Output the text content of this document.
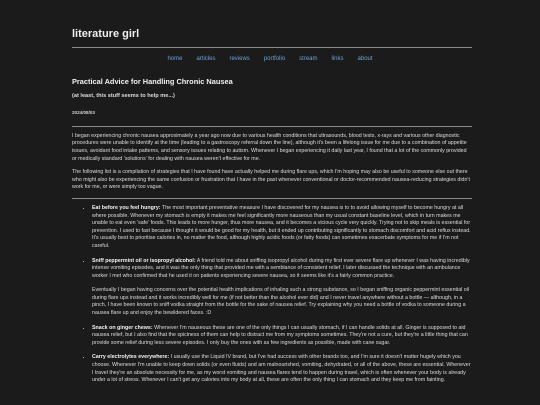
literature girl
home articles reviews portfolio stream links about
Practical Advice for Handling Chronic Nausea
(at least, this stuff seems to help me...)
2024/08/03

I began experiencing chronic nausea approximately a year ago now due to various health conditions that ultrasounds, blood tests, x-rays and various other diagnostic procedures were unable to identify at the time (leading to a gastroscopy referral down the line), although it's been a lifelong issue for me due to a combination of appetite issues, avoidant food intake patterns, and sensory issues relating to autism. Whenever I began experiencing it daily last year, I found that a lot of the commonly provided or medically standard 'solutions' for dealing with nausea weren't effective for me.

The following list is a compilation of strategies that I have found have actually helped me during flare ups, which I'm hoping may also be useful to someone else out there who might also be experiencing the same confusion or frustration that I have in the past whenever conventional or doctor-recommended nausea-reducing strategies didn't work for me, or were simply too vague.

• Eat before you feel hungry: The most important preventative measure I have discovered for my nausea is to to avoid allowing myself to become hungry at all where possible. Whenever my stomach is empty it makes me feel significantly more nauseous than my usual constant baseline level, which in turn makes me unable to eat even 'safe' foods. This leads to more hunger, thus more nausea, and it becomes a vicious cycle very quickly. Trying not to skip meals is essential for prevention. I used to fast because I thought it would be good for my health, but it ended up contributing significantly to stomach discomfort and acid reflux instead. It's usually best to prioritise calories in, no matter the food, although highly acidic foods (or fatty foods) can sometimes exacerbate symptoms for me if I'm not careful.
• Sniff peppermint oil or isopropyl alcohol: A friend told me about sniffing isopropyl alcohol during my first ever severe flare up whenever I was having incredibly intense vomiting episodes, and it was the only thing that provided me with a semblance of consistent relief. I later discussed the technique with an ambulance worker I met who confirmed that he used it on patients experiencing severe nausea, so it seems like it's a fairly common practice.
Eventually I began having concerns over the potential health implications of inhaling such a strong substance, so I began sniffing organic peppermint essential oil during flare ups instead and it works incredibly well for me (if not better than the alcohol ever did) and I never travel anywhere without a bottle — although, in a pinch, I have been known to sniff vodka straight from the bottle for the sake of nausea relief. Try explaining why you need a bottle of vodka to someone during a nausea flare up and enjoy the bewildered faces. :D
• Snack on ginger chews: Whenever I'm nauseous these are one of the only things I can usually stomach, if I can handle solids at all. Ginger is supposed to aid nausea relief, but I also find that the spiciness of them can help to distract me from my symptoms sometimes. They're not a cure, but they're a little thing that can provide some relief during less severe episodes. I only buy the ones with as few ingredients as possible, made with cane sugar.
• Carry electrolytes everywhere: I usually use the Liquid IV brand, but I've had success with other brands too, and I'm sure it doesn't matter hugely which you choose. Whenever I'm unable to keep down solids (or even fluids) and am malnourished, vomiting, dehydrated, or all of the above, these are essential. Whenever I travel they're an absolute necessity for me, as my worst vomiting and nausea flares tend to happen during travel, which is often whenever your body is already under a lot of stress. Whenever I can't get any calories into my body at all, these are often the only thing I can stomach and they keep me from fainting.
